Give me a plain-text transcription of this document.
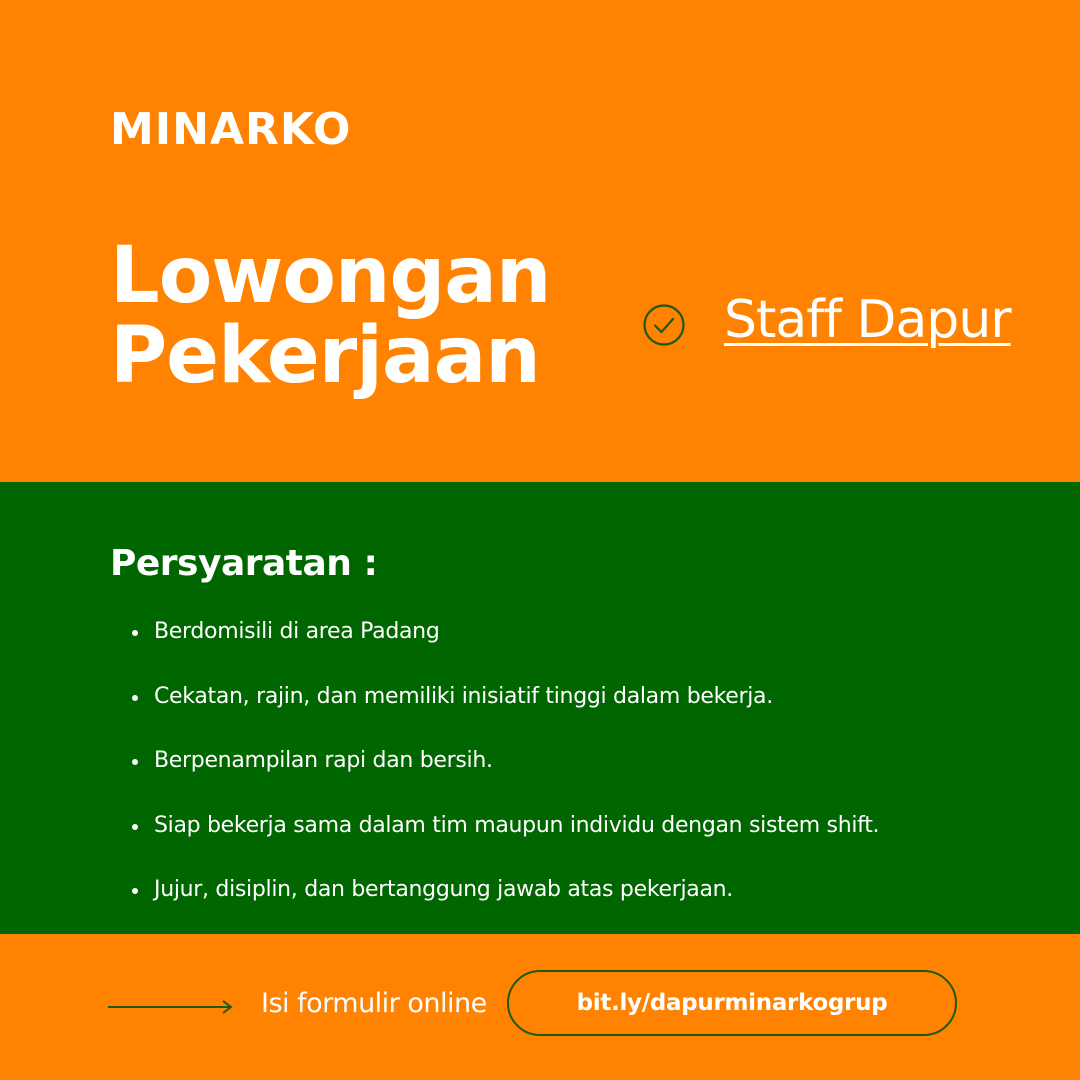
MINARKO
Lowongan
Pekerjaan	Staff Dapur
Persyaratan :
Berdomisili di area Padang
Cekatan, rajin, dan memiliki inisiatif tinggi dalam bekerja.
Berpenampilan rapi dan bersih.
Siap bekerja sama dalam tim maupun individu dengan sistem shift.
Jujur, disiplin, dan bertanggung jawab atas pekerjaan.
Isi formulir online	bit.ly/dapurminarkogrup
